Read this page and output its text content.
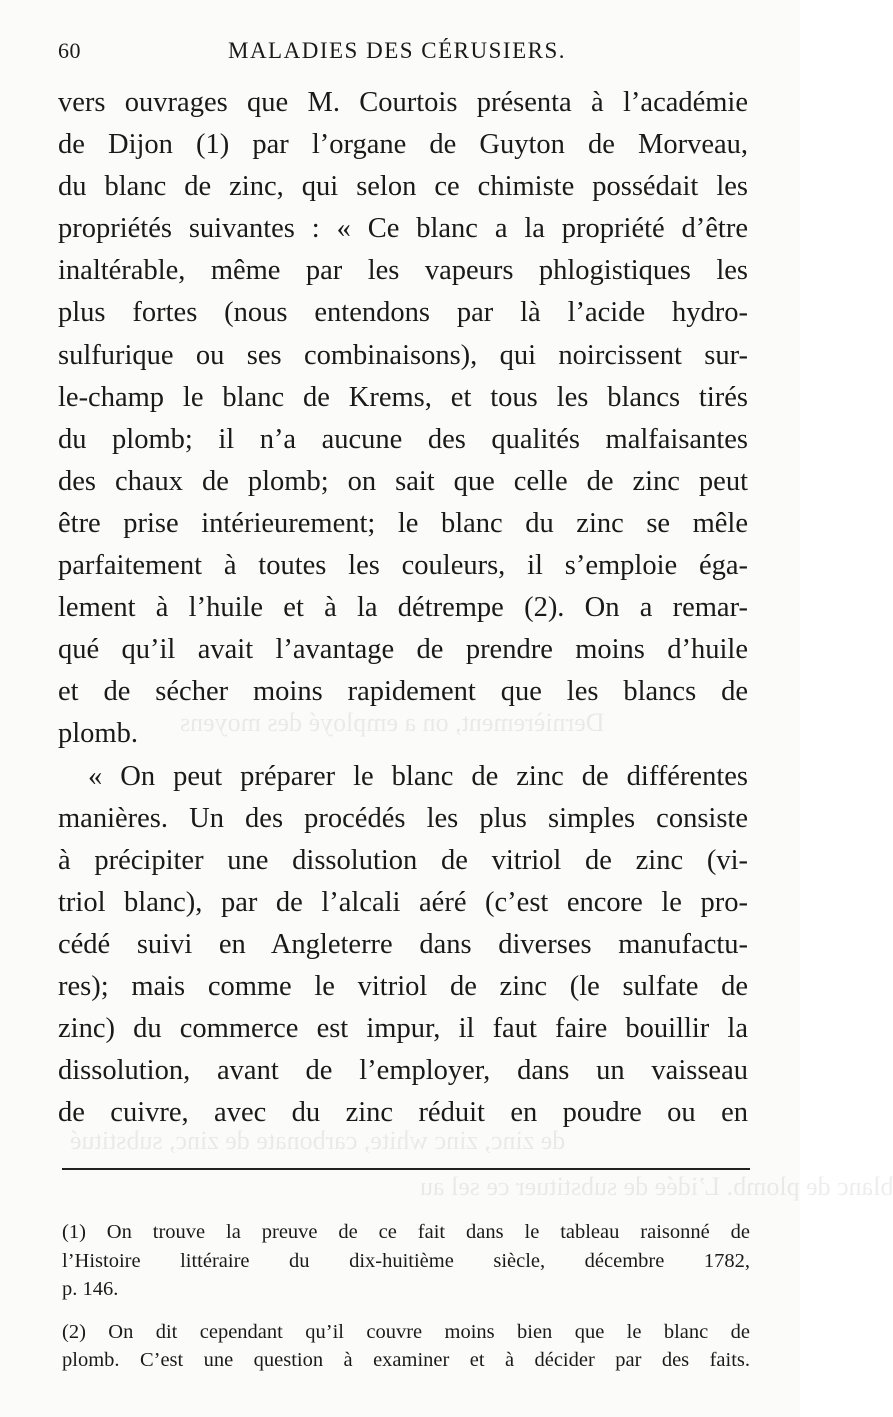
Dernièrement, on a employé des moyens
de zinc, zinc white, carbonate de zinc, substitué
blanc de plomb. L’idée de substituer ce sel au
60	MALADIES DES CÉRUSIERS.
vers ouvrages que M. Courtois présenta à l’académie
de Dijon (1) par l’organe de Guyton de Morveau,
du blanc de zinc, qui selon ce chimiste possédait les
propriétés suivantes : « Ce blanc a la propriété d’être
inaltérable, même par les vapeurs phlogistiques les
plus fortes (nous entendons par là l’acide hydro-
sulfurique ou ses combinaisons), qui noircissent sur-
le-champ le blanc de Krems, et tous les blancs tirés
du plomb; il n’a aucune des qualités malfaisantes
des chaux de plomb; on sait que celle de zinc peut
être prise intérieurement; le blanc du zinc se mêle
parfaitement à toutes les couleurs, il s’emploie éga-
lement à l’huile et à la détrempe (2). On a remar-
qué qu’il avait l’avantage de prendre moins d’huile
et de sécher moins rapidement que les blancs de
plomb.
« On peut préparer le blanc de zinc de différentes
manières. Un des procédés les plus simples consiste
à précipiter une dissolution de vitriol de zinc (vi-
triol blanc), par de l’alcali aéré (c’est encore le pro-
cédé suivi en Angleterre dans diverses manufactu-
res); mais comme le vitriol de zinc (le sulfate de
zinc) du commerce est impur, il faut faire bouillir la
dissolution, avant de l’employer, dans un vaisseau
de cuivre, avec du zinc réduit en poudre ou en
(1) On trouve la preuve de ce fait dans le tableau raisonné de
l’Histoire littéraire du dix-huitième siècle, décembre 1782,
p. 146.
(2) On dit cependant qu’il couvre moins bien que le blanc de
plomb. C’est une question à examiner et à décider par des faits.
